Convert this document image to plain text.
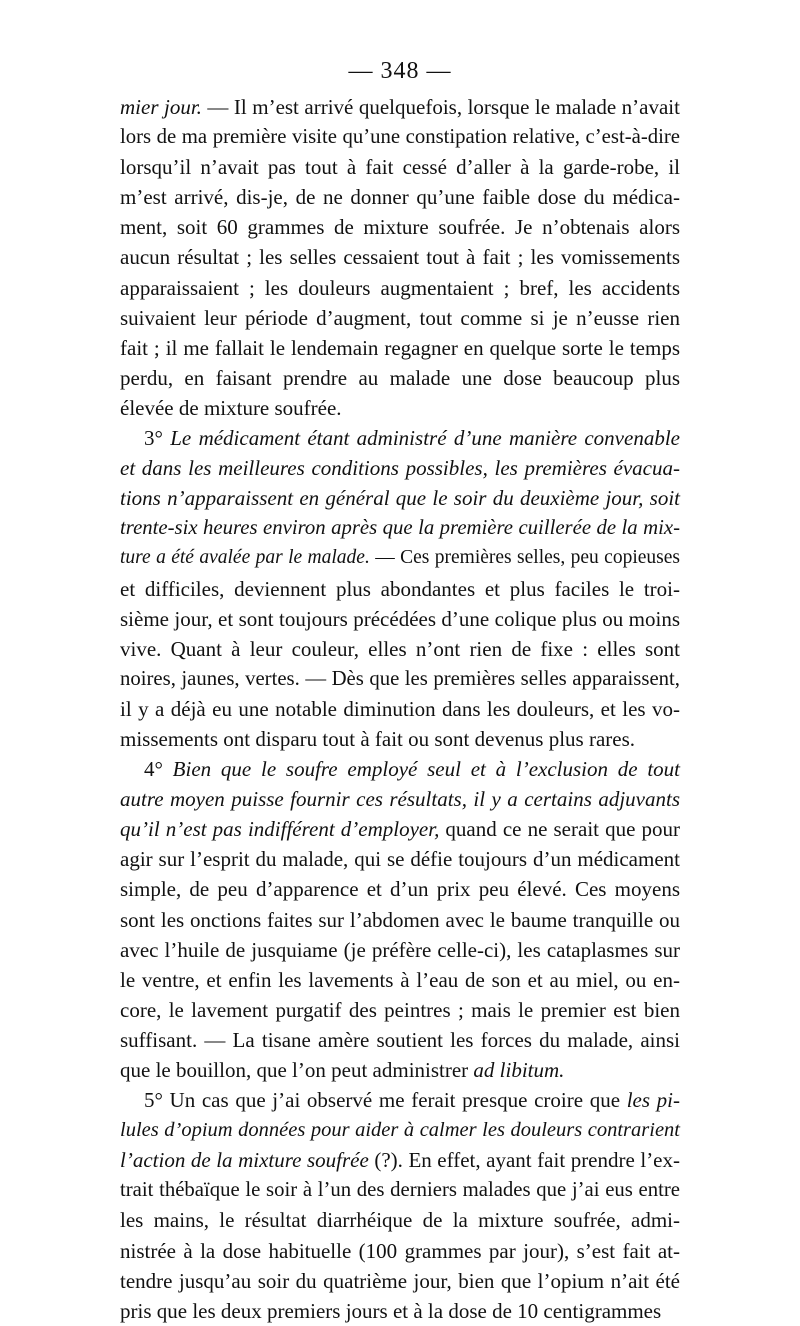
— 348 —
mier jour. — Il m’est arrivé quelquefois, lorsque le malade n’avait
lors de ma première visite qu’une constipation relative, c’est-à-dire
lorsqu’il n’avait pas tout à fait cessé d’aller à la garde-robe, il
m’est arrivé, dis-je, de ne donner qu’une faible dose du médica-
ment, soit 60 grammes de mixture soufrée. Je n’obtenais alors
aucun résultat ; les selles cessaient tout à fait ; les vomissements
apparaissaient ; les douleurs augmentaient ; bref, les accidents
suivaient leur période d’augment, tout comme si je n’eusse rien
fait ; il me fallait le lendemain regagner en quelque sorte le temps
perdu, en faisant prendre au malade une dose beaucoup plus
élevée de mixture soufrée.
3° Le médicament étant administré d’une manière convenable
et dans les meilleures conditions possibles, les premières évacua-
tions n’apparaissent en général que le soir du deuxième jour, soit
trente-six heures environ après que la première cuillerée de la mix-
ture a été avalée par le malade. — Ces premières selles, peu copieuses
et difficiles, deviennent plus abondantes et plus faciles le troi-
sième jour, et sont toujours précédées d’une colique plus ou moins
vive. Quant à leur couleur, elles n’ont rien de fixe : elles sont
noires, jaunes, vertes. — Dès que les premières selles apparaissent,
il y a déjà eu une notable diminution dans les douleurs, et les vo-
missements ont disparu tout à fait ou sont devenus plus rares.
4° Bien que le soufre employé seul et à l’exclusion de tout
autre moyen puisse fournir ces résultats, il y a certains adjuvants
qu’il n’est pas indifférent d’employer, quand ce ne serait que pour
agir sur l’esprit du malade, qui se défie toujours d’un médicament
simple, de peu d’apparence et d’un prix peu élevé. Ces moyens
sont les onctions faites sur l’abdomen avec le baume tranquille ou
avec l’huile de jusquiame (je préfère celle-ci), les cataplasmes sur
le ventre, et enfin les lavements à l’eau de son et au miel, ou en-
core, le lavement purgatif des peintres ; mais le premier est bien
suffisant. — La tisane amère soutient les forces du malade, ainsi
que le bouillon, que l’on peut administrer ad libitum.
5° Un cas que j’ai observé me ferait presque croire que les pi-
lules d’opium données pour aider à calmer les douleurs contrarient
l’action de la mixture soufrée (?). En effet, ayant fait prendre l’ex-
trait thébaïque le soir à l’un des derniers malades que j’ai eus entre
les mains, le résultat diarrhéique de la mixture soufrée, admi-
nistrée à la dose habituelle (100 grammes par jour), s’est fait at-
tendre jusqu’au soir du quatrième jour, bien que l’opium n’ait été
pris que les deux premiers jours et à la dose de 10 centigrammes
